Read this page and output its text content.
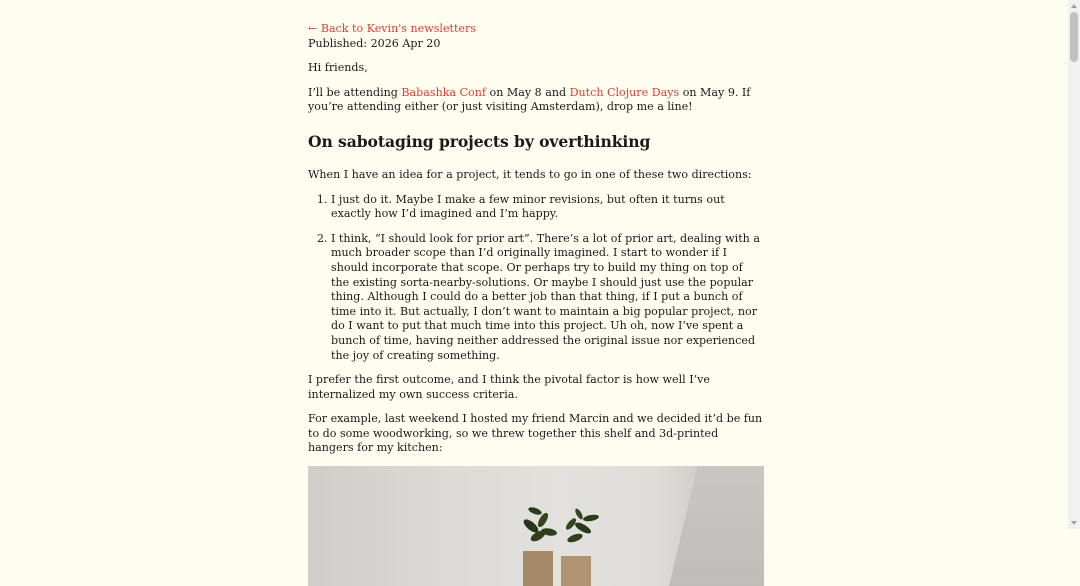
← Back to Kevin's newsletters
Published: 2026 Apr 20

Hi friends,

I’ll be attending Babashka Conf on May 8 and Dutch Clojure Days on May 9. If you’re attending either (or just visiting Amsterdam), drop me a line!

On sabotaging projects by overthinking

When I have an idea for a project, it tends to go in one of these two directions:

1. I just do it. Maybe I make a few minor revisions, but often it turns out exactly how I’d imagined and I’m happy.
2. I think, “I should look for prior art”. There’s a lot of prior art, dealing with a much broader scope than I’d originally imagined. I start to wonder if I should incorporate that scope. Or perhaps try to build my thing on top of the existing sorta-nearby-solutions. Or maybe I should just use the popular thing. Although I could do a better job than that thing, if I put a bunch of time into it. But actually, I don’t want to maintain a big popular project, nor do I want to put that much time into this project. Uh oh, now I’ve spent a bunch of time, having neither addressed the original issue nor experienced the joy of creating something.

I prefer the first outcome, and I think the pivotal factor is how well I’ve internalized my own success criteria.

For example, last weekend I hosted my friend Marcin and we decided it’d be fun to do some woodworking, so we threw together this shelf and 3d-printed hangers for my kitchen:
